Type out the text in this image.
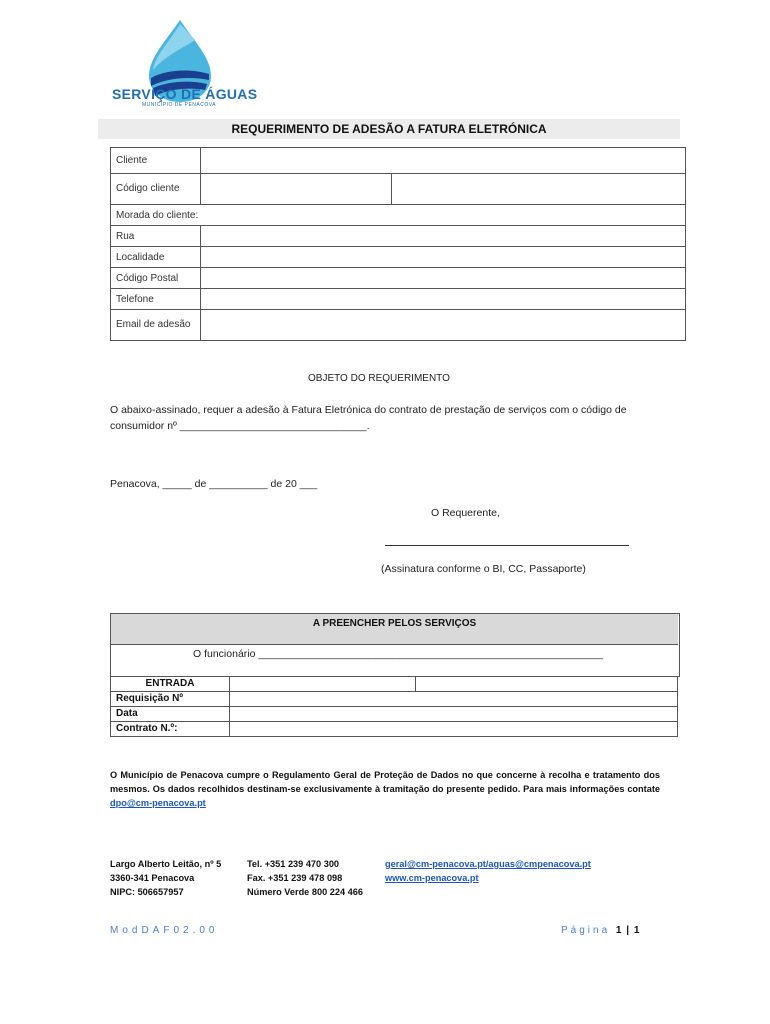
SERVIÇO DE ÁGUAS
MUNICÍPIO DE PENACOVA
REQUERIMENTO DE ADESÃO A FATURA ELETRÓNICA
Cliente		
Código cliente		
Morada do cliente:		
Rua		
Localidade		
Código Postal		
Telefone		
Email de adesão		
OBJETO DO REQUERIMENTO
O abaixo-assinado, requer a adesão à Fatura Eletrónica do contrato de prestação de serviços com o código de consumidor nº ________________________________.
Penacova, _____ de __________ de 20 ___
O Requerente,
(Assinatura conforme o BI, CC, Passaporte)
A PREENCHER PELOS SERVIÇOS
O funcionário ___________________________________________________________
ENTRADA		
Requisição Nº		
Data		
Contrato N.º:		
O Município de Penacova cumpre o Regulamento Geral de Proteção de Dados no que concerne à recolha e tratamento dos mesmos. Os dados recolhidos destinam-se exclusivamente à tramitação do presente pedido. Para mais informações contate dpo@cm-penacova.pt
Largo Alberto Leitão, nº 5
3360-341 Penacova
NIPC: 506657957
Tel. +351 239 470 300
Fax. +351 239 478 098
Número Verde 800 224 466
geral@cm-penacova.pt/aguas@cmpenacova.pt
www.cm-penacova.pt
ModDAF02.00	Página 1 | 1
